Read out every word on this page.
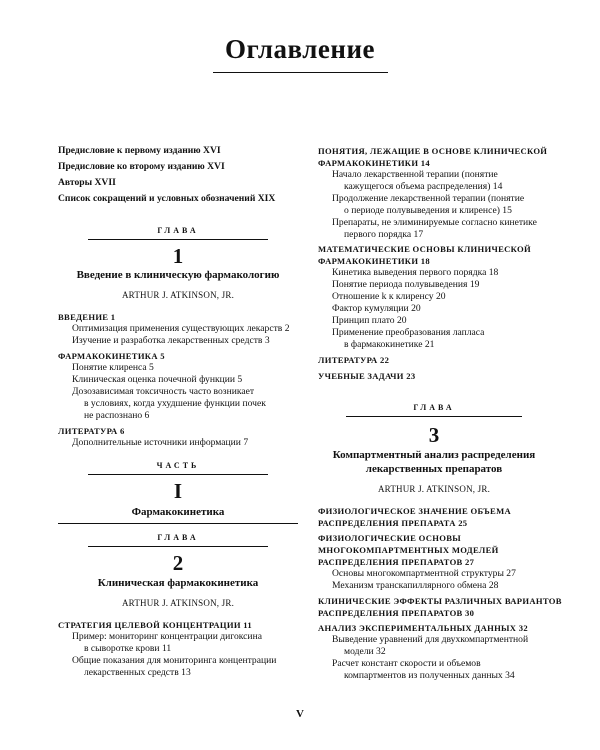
Оглавление
Предисловие к первому изданию XVI
Предисловие ко второму изданию XVI
Авторы XVII
Список сокращений и условных обозначений XIX
ГЛАВА
1
Введение в клиническую фармакологию
ARTHUR J. ATKINSON, JR.
ВВЕДЕНИЕ 1
Оптимизация применения существующих лекарств 2
Изучение и разработка лекарственных средств 3
ФАРМАКОКИНЕТИКА 5
Понятие клиренса 5
Клиническая оценка почечной функции 5
Дозозависимая токсичность часто возникает
в условиях, когда ухудшение функции почек
не распознано 6
ЛИТЕРАТУРА 6
Дополнительные источники информации 7
ЧАСТЬ
I
Фармакокинетика
ГЛАВА
2
Клиническая фармакокинетика
ARTHUR J. ATKINSON, JR.
СТРАТЕГИЯ ЦЕЛЕВОЙ КОНЦЕНТРАЦИИ 11
Пример: мониторинг концентрации дигоксина
в сыворотке крови 11
Общие показания для мониторинга концентрации
лекарственных средств 13
ПОНЯТИЯ, ЛЕЖАЩИЕ В ОСНОВЕ КЛИНИЧЕСКОЙ
ФАРМАКОКИНЕТИКИ 14
Начало лекарственной терапии (понятие
кажущегося объема распределения) 14
Продолжение лекарственной терапии (понятие
о периоде полувыведения и клиренсе) 15
Препараты, не элиминируемые согласно кинетике
первого порядка 17
МАТЕМАТИЧЕСКИЕ ОСНОВЫ КЛИНИЧЕСКОЙ
ФАРМАКОКИНЕТИКИ 18
Кинетика выведения первого порядка 18
Понятие периода полувыведения 19
Отношение k к клиренсу 20
Фактор кумуляции 20
Принцип плато 20
Применение преобразования лапласа
в фармакокинетике 21
ЛИТЕРАТУРА 22
УЧЕБНЫЕ ЗАДАЧИ 23
ГЛАВА
3
Компартментный анализ распределения
лекарственных препаратов
ARTHUR J. ATKINSON, JR.
ФИЗИОЛОГИЧЕСКОЕ ЗНАЧЕНИЕ ОБЪЕМА
РАСПРЕДЕЛЕНИЯ ПРЕПАРАТА 25
ФИЗИОЛОГИЧЕСКИЕ ОСНОВЫ
МНОГОКОМПАРТМЕНТНЫХ МОДЕЛЕЙ
РАСПРЕДЕЛЕНИЯ ПРЕПАРАТОВ 27
Основы многокомпартментной структуры 27
Механизм транскапиллярного обмена 28
КЛИНИЧЕСКИЕ ЭФФЕКТЫ РАЗЛИЧНЫХ ВАРИАНТОВ
РАСПРЕДЕЛЕНИЯ ПРЕПАРАТОВ 30
АНАЛИЗ ЭКСПЕРИМЕНТАЛЬНЫХ ДАННЫХ 32
Выведение уравнений для двухкомпартментной
модели 32
Расчет констант скорости и объемов
компартментов из полученных данных 34
V
